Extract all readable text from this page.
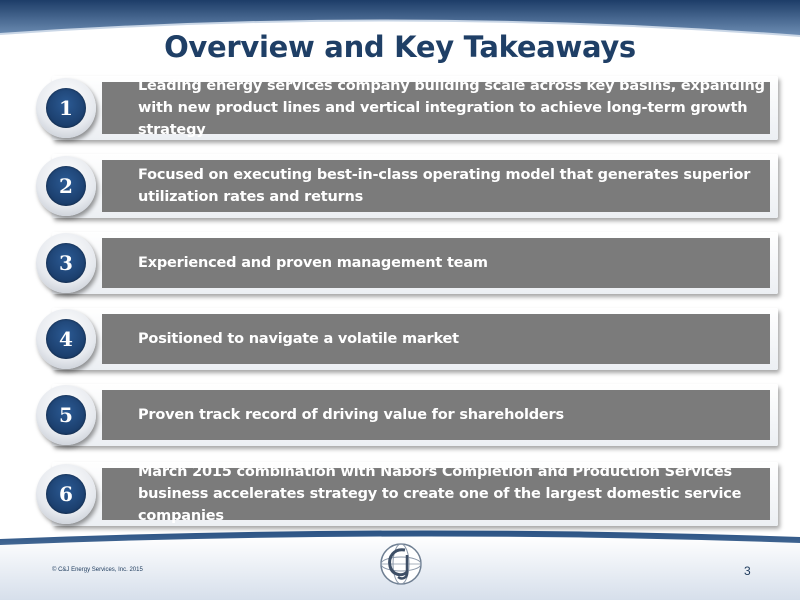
Overview and Key Takeaways
Leading energy services company building scale across key basins, expanding with new product lines and vertical integration to achieve long-term growth strategy
1
Focused on executing best-in-class operating model that generates superior utilization rates and returns
2
Experienced and proven management team
3
Positioned to navigate a volatile market
4
Proven track record of driving value for shareholders
5
March 2015 combination with Nabors Completion and Production Services business accelerates strategy to create one of the largest domestic service companies
6
© C&J Energy Services, Inc. 2015	3
